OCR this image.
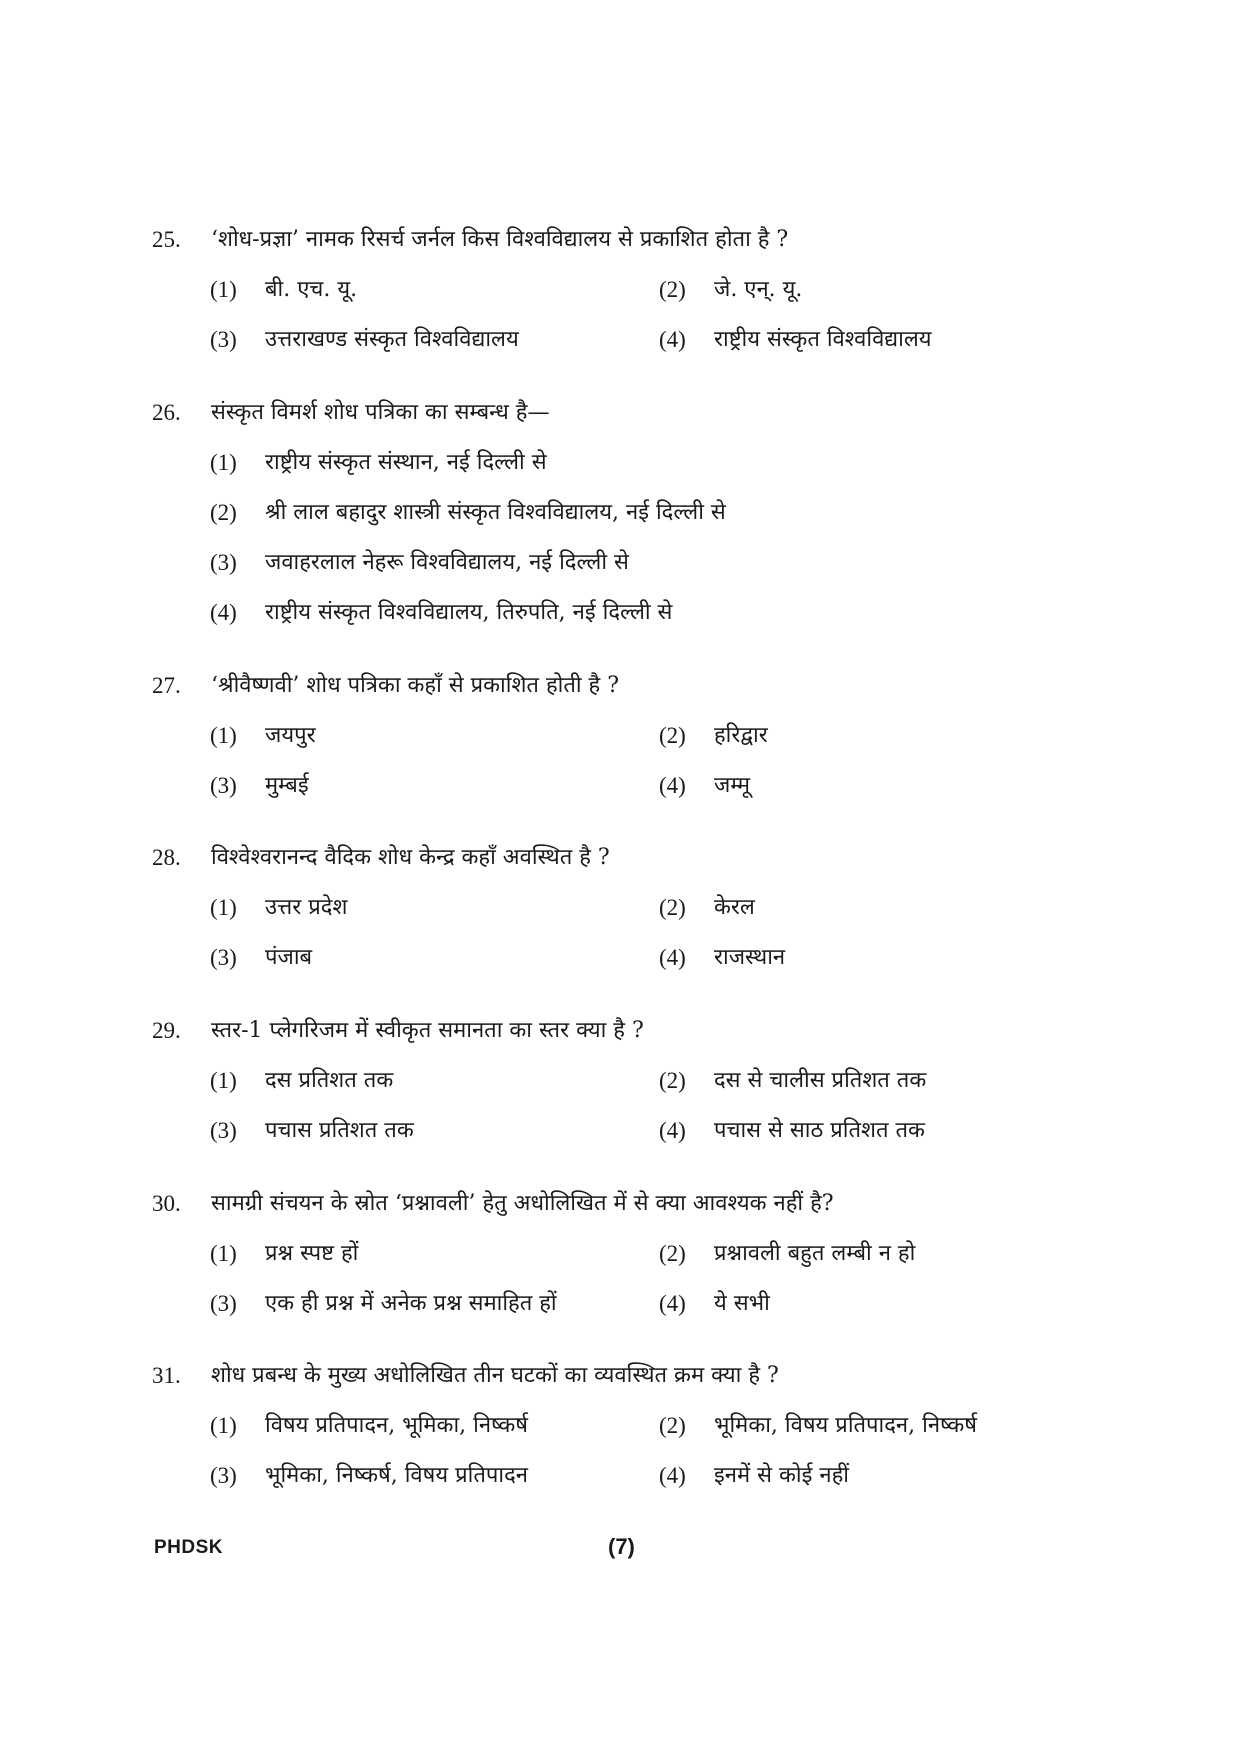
25. ‘शोध-प्रज्ञा’ नामक रिसर्च जर्नल किस विश्वविद्यालय से प्रकाशित होता है ?
(1) बी. एच. यू.	(2) जे. एन्. यू.
(3) उत्तराखण्ड संस्कृत विश्वविद्यालय	(4) राष्ट्रीय संस्कृत विश्वविद्यालय
26. संस्कृत विमर्श शोध पत्रिका का सम्बन्ध है—
(1) राष्ट्रीय संस्कृत संस्थान, नई दिल्ली से
(2) श्री लाल बहादुर शास्त्री संस्कृत विश्वविद्यालय, नई दिल्ली से
(3) जवाहरलाल नेहरू विश्वविद्यालय, नई दिल्ली से
(4) राष्ट्रीय संस्कृत विश्वविद्यालय, तिरुपति, नई दिल्ली से
27. ‘श्रीवैष्णवी’ शोध पत्रिका कहाँ से प्रकाशित होती है ?
(1) जयपुर	(2) हरिद्वार
(3) मुम्बई	(4) जम्मू
28. विश्वेश्वरानन्द वैदिक शोध केन्द्र कहाँ अवस्थित है ?
(1) उत्तर प्रदेश	(2) केरल
(3) पंजाब	(4) राजस्थान
29. स्तर-1 प्लेगरिजम में स्वीकृत समानता का स्तर क्या है ?
(1) दस प्रतिशत तक	(2) दस से चालीस प्रतिशत तक
(3) पचास प्रतिशत तक	(4) पचास से साठ प्रतिशत तक
30. सामग्री संचयन के स्रोत ‘प्रश्नावली’ हेतु अधोलिखित में से क्या आवश्यक नहीं है?
(1) प्रश्न स्पष्ट हों	(2) प्रश्नावली बहुत लम्बी न हो
(3) एक ही प्रश्न में अनेक प्रश्न समाहित हों	(4) ये सभी
31. शोध प्रबन्ध के मुख्य अधोलिखित तीन घटकों का व्यवस्थित क्रम क्या है ?
(1) विषय प्रतिपादन, भूमिका, निष्कर्ष	(2) भूमिका, विषय प्रतिपादन, निष्कर्ष
(3) भूमिका, निष्कर्ष, विषय प्रतिपादन	(4) इनमें से कोई नहीं
PHDSK	(7)
